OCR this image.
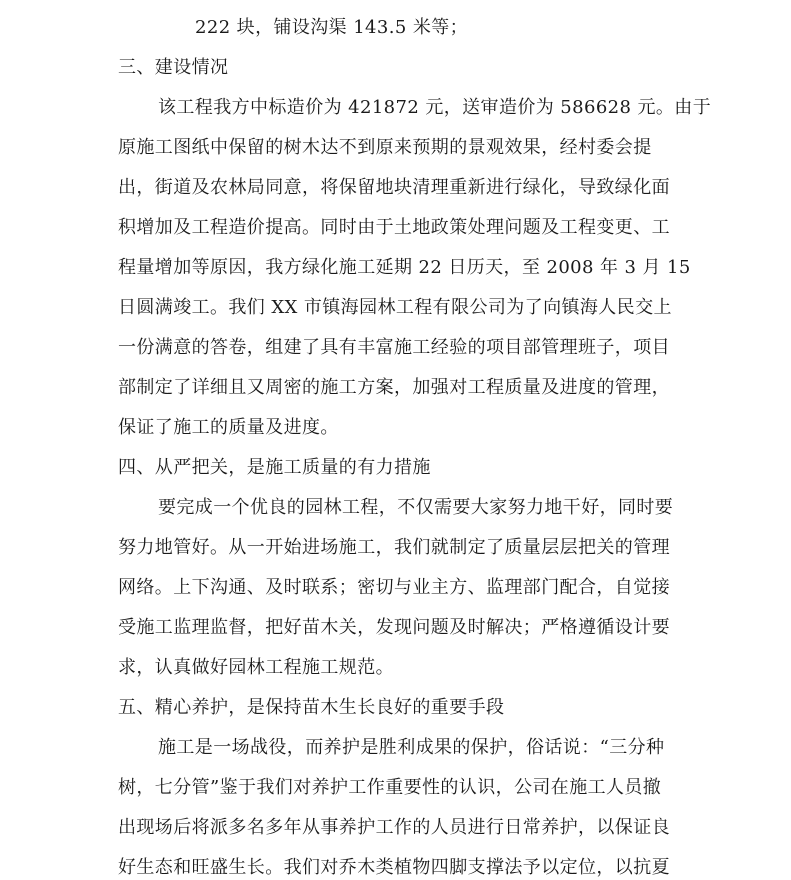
222 块，铺设沟渠 143.5 米等；
三、建设情况
该工程我方中标造价为 421872 元，送审造价为 586628 元。由于
原施工图纸中保留的树木达不到原来预期的景观效果，经村委会提
出，街道及农林局同意，将保留地块清理重新进行绿化，导致绿化面
积增加及工程造价提高。同时由于土地政策处理问题及工程变更、工
程量增加等原因，我方绿化施工延期 22 日历天，至 2008 年 3 月 15
日圆满竣工。我们 XX 市镇海园林工程有限公司为了向镇海人民交上
一份满意的答卷，组建了具有丰富施工经验的项目部管理班子，项目
部制定了详细且又周密的施工方案，加强对工程质量及进度的管理，
保证了施工的质量及进度。
四、从严把关，是施工质量的有力措施
要完成一个优良的园林工程，不仅需要大家努力地干好，同时要
努力地管好。从一开始进场施工，我们就制定了质量层层把关的管理
网络。上下沟通、及时联系；密切与业主方、监理部门配合，自觉接
受施工监理监督，把好苗木关，发现问题及时解决；严格遵循设计要
求，认真做好园林工程施工规范。
五、精心养护，是保持苗木生长良好的重要手段
施工是一场战役，而养护是胜利成果的保护，俗话说：“三分种
树，七分管”鉴于我们对养护工作重要性的认识，公司在施工人员撤
出现场后将派多名多年从事养护工作的人员进行日常养护，以保证良
好生态和旺盛生长。我们对乔木类植物四脚支撑法予以定位，以抗夏
